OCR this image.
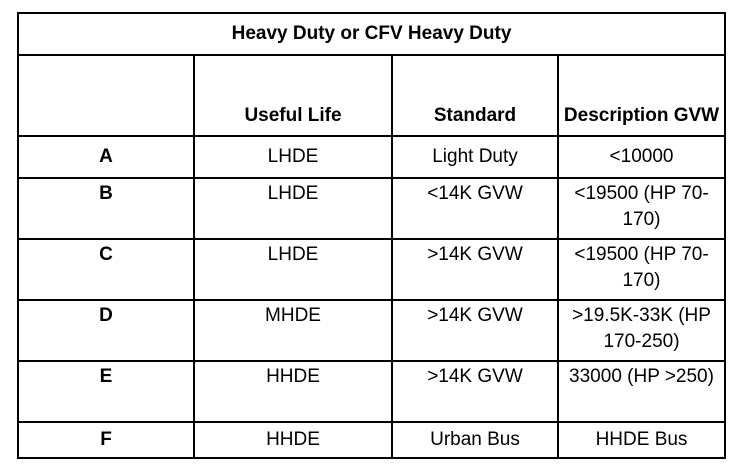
Heavy Duty or CFV Heavy Duty			
	Useful Life	Standard	Description GVW
A	LHDE	Light Duty	<10000
B	LHDE	<14K GVW	<19500 (HP 70-170)
C	LHDE	>14K GVW	<19500 (HP 70-170)
D	MHDE	>14K GVW	>19.5K-33K (HP 170-250)
E	HHDE	>14K GVW	33000 (HP >250)
F	HHDE	Urban Bus	HHDE Bus
